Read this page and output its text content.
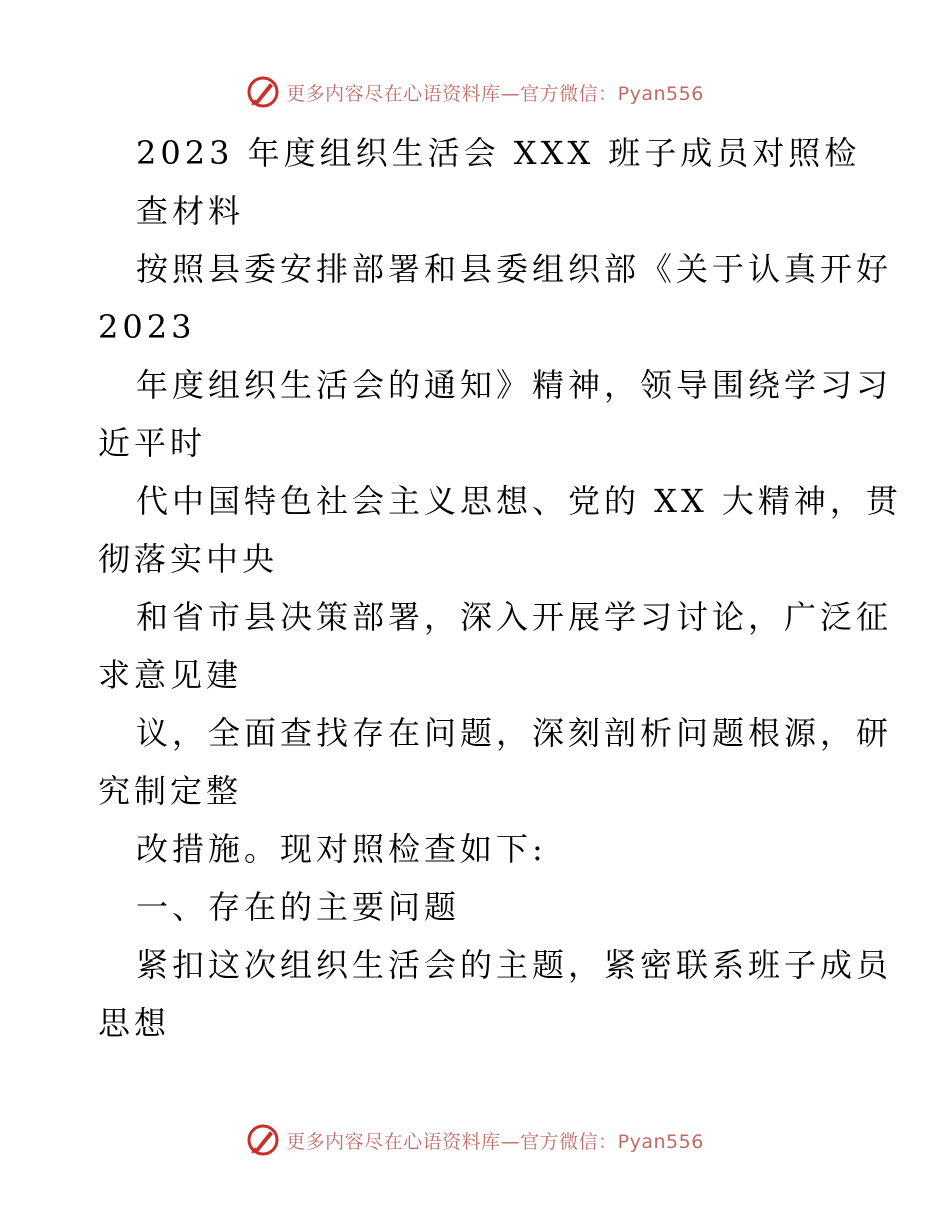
更多内容尽在心语资料库—官方微信：Pyan556
2023 年度组织生活会 XXX 班子成员对照检
查材料
按照县委安排部署和县委组织部《关于认真开好
2023
年度组织生活会的通知》精神，领导围绕学习习
近平时
代中国特色社会主义思想、党的 XX 大精神，贯
彻落实中央
和省市县决策部署，深入开展学习讨论，广泛征
求意见建
议，全面查找存在问题，深刻剖析问题根源，研
究制定整
改措施。现对照检查如下:
一、存在的主要问题
紧扣这次组织生活会的主题，紧密联系班子成员
思想
更多内容尽在心语资料库—官方微信：Pyan556
